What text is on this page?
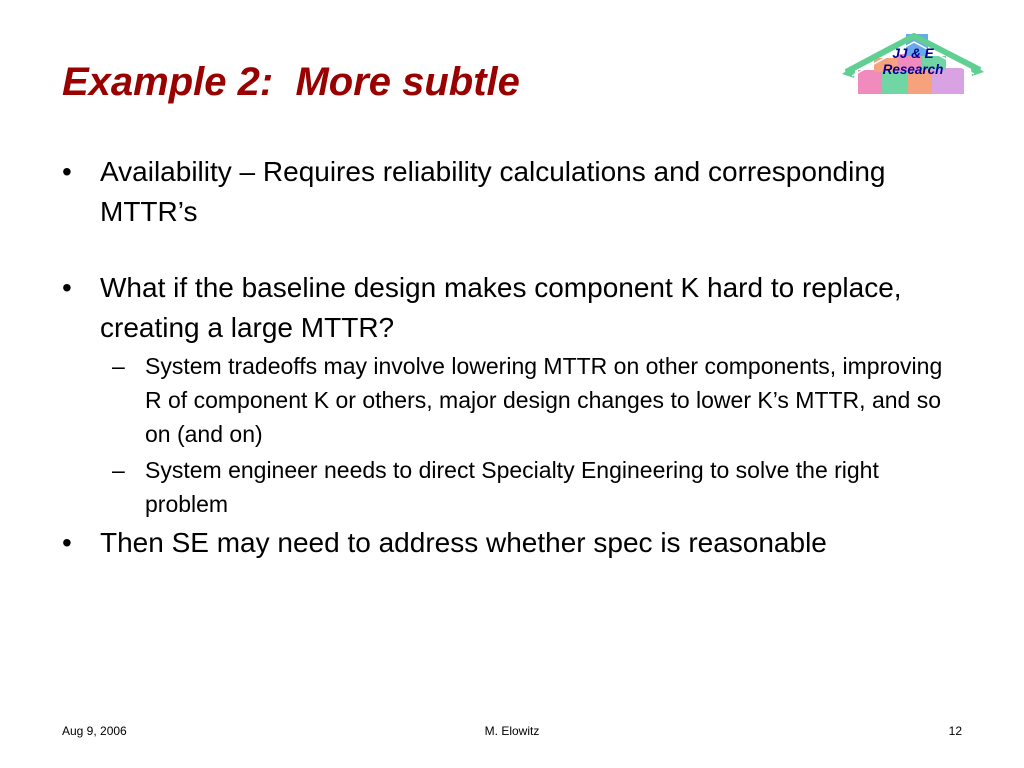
Example 2:  More subtle
JJ & E
Research
• Availability – Requires reliability calculations and corresponding MTTR’s
• What if the baseline design makes component K hard to replace, creating a large MTTR?
– System tradeoffs may involve lowering MTTR on other components, improving R of component K or others, major design changes to lower K’s MTTR, and so on (and on)
– System engineer needs to direct Specialty Engineering to solve the right problem
• Then SE may need to address whether spec is reasonable
Aug 9, 2006	M. Elowitz	12
